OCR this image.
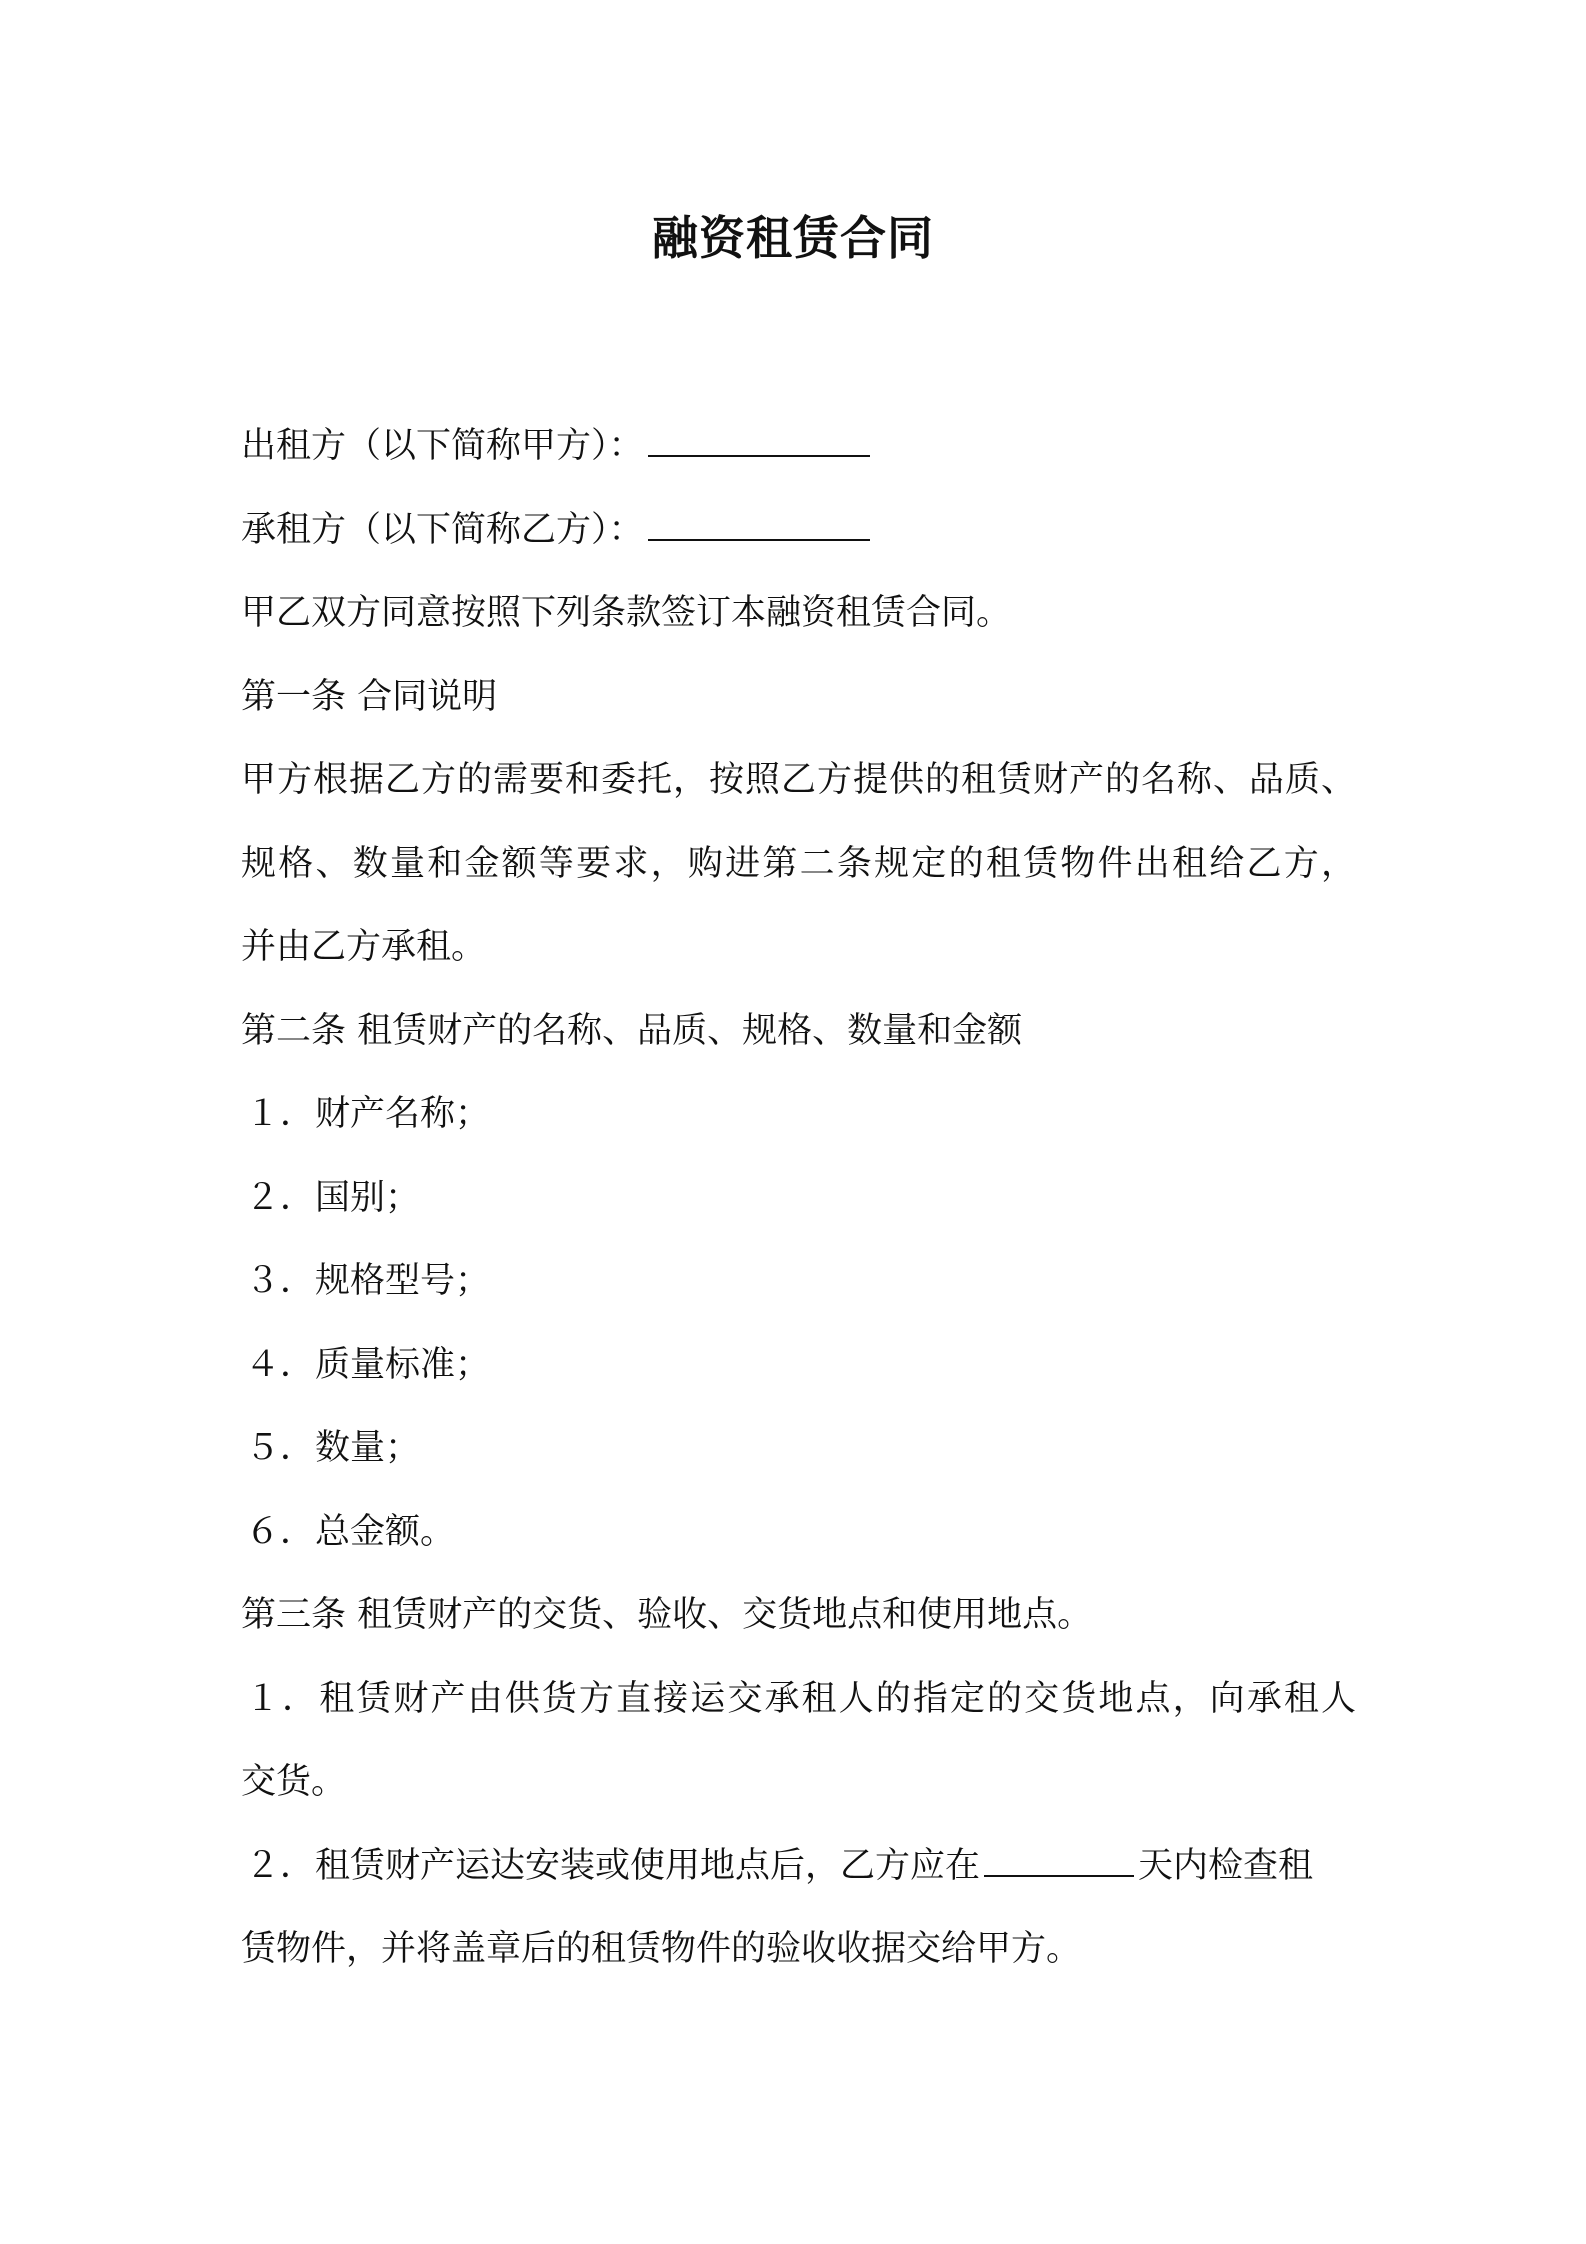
融资租赁合同
出租方（以下简称甲方）：
承租方（以下简称乙方）：
甲乙双方同意按照下列条款签订本融资租赁合同。
第一条 合同说明
甲方根据乙方的需要和委托，按照乙方提供的租赁财产的名称、品质、
规格、数量和金额等要求，购进第二条规定的租赁物件出租给乙方，
并由乙方承租。
第二条 租赁财产的名称、品质、规格、数量和金额
１．财产名称；
２．国别；
３．规格型号；
４．质量标准；
５．数量；
６．总金额。
第三条 租赁财产的交货、验收、交货地点和使用地点。
１．租赁财产由供货方直接运交承租人的指定的交货地点，向承租人
交货。
２．租赁财产运达安装或使用地点后，乙方应在	天内检查租
赁物件，并将盖章后的租赁物件的验收收据交给甲方。
